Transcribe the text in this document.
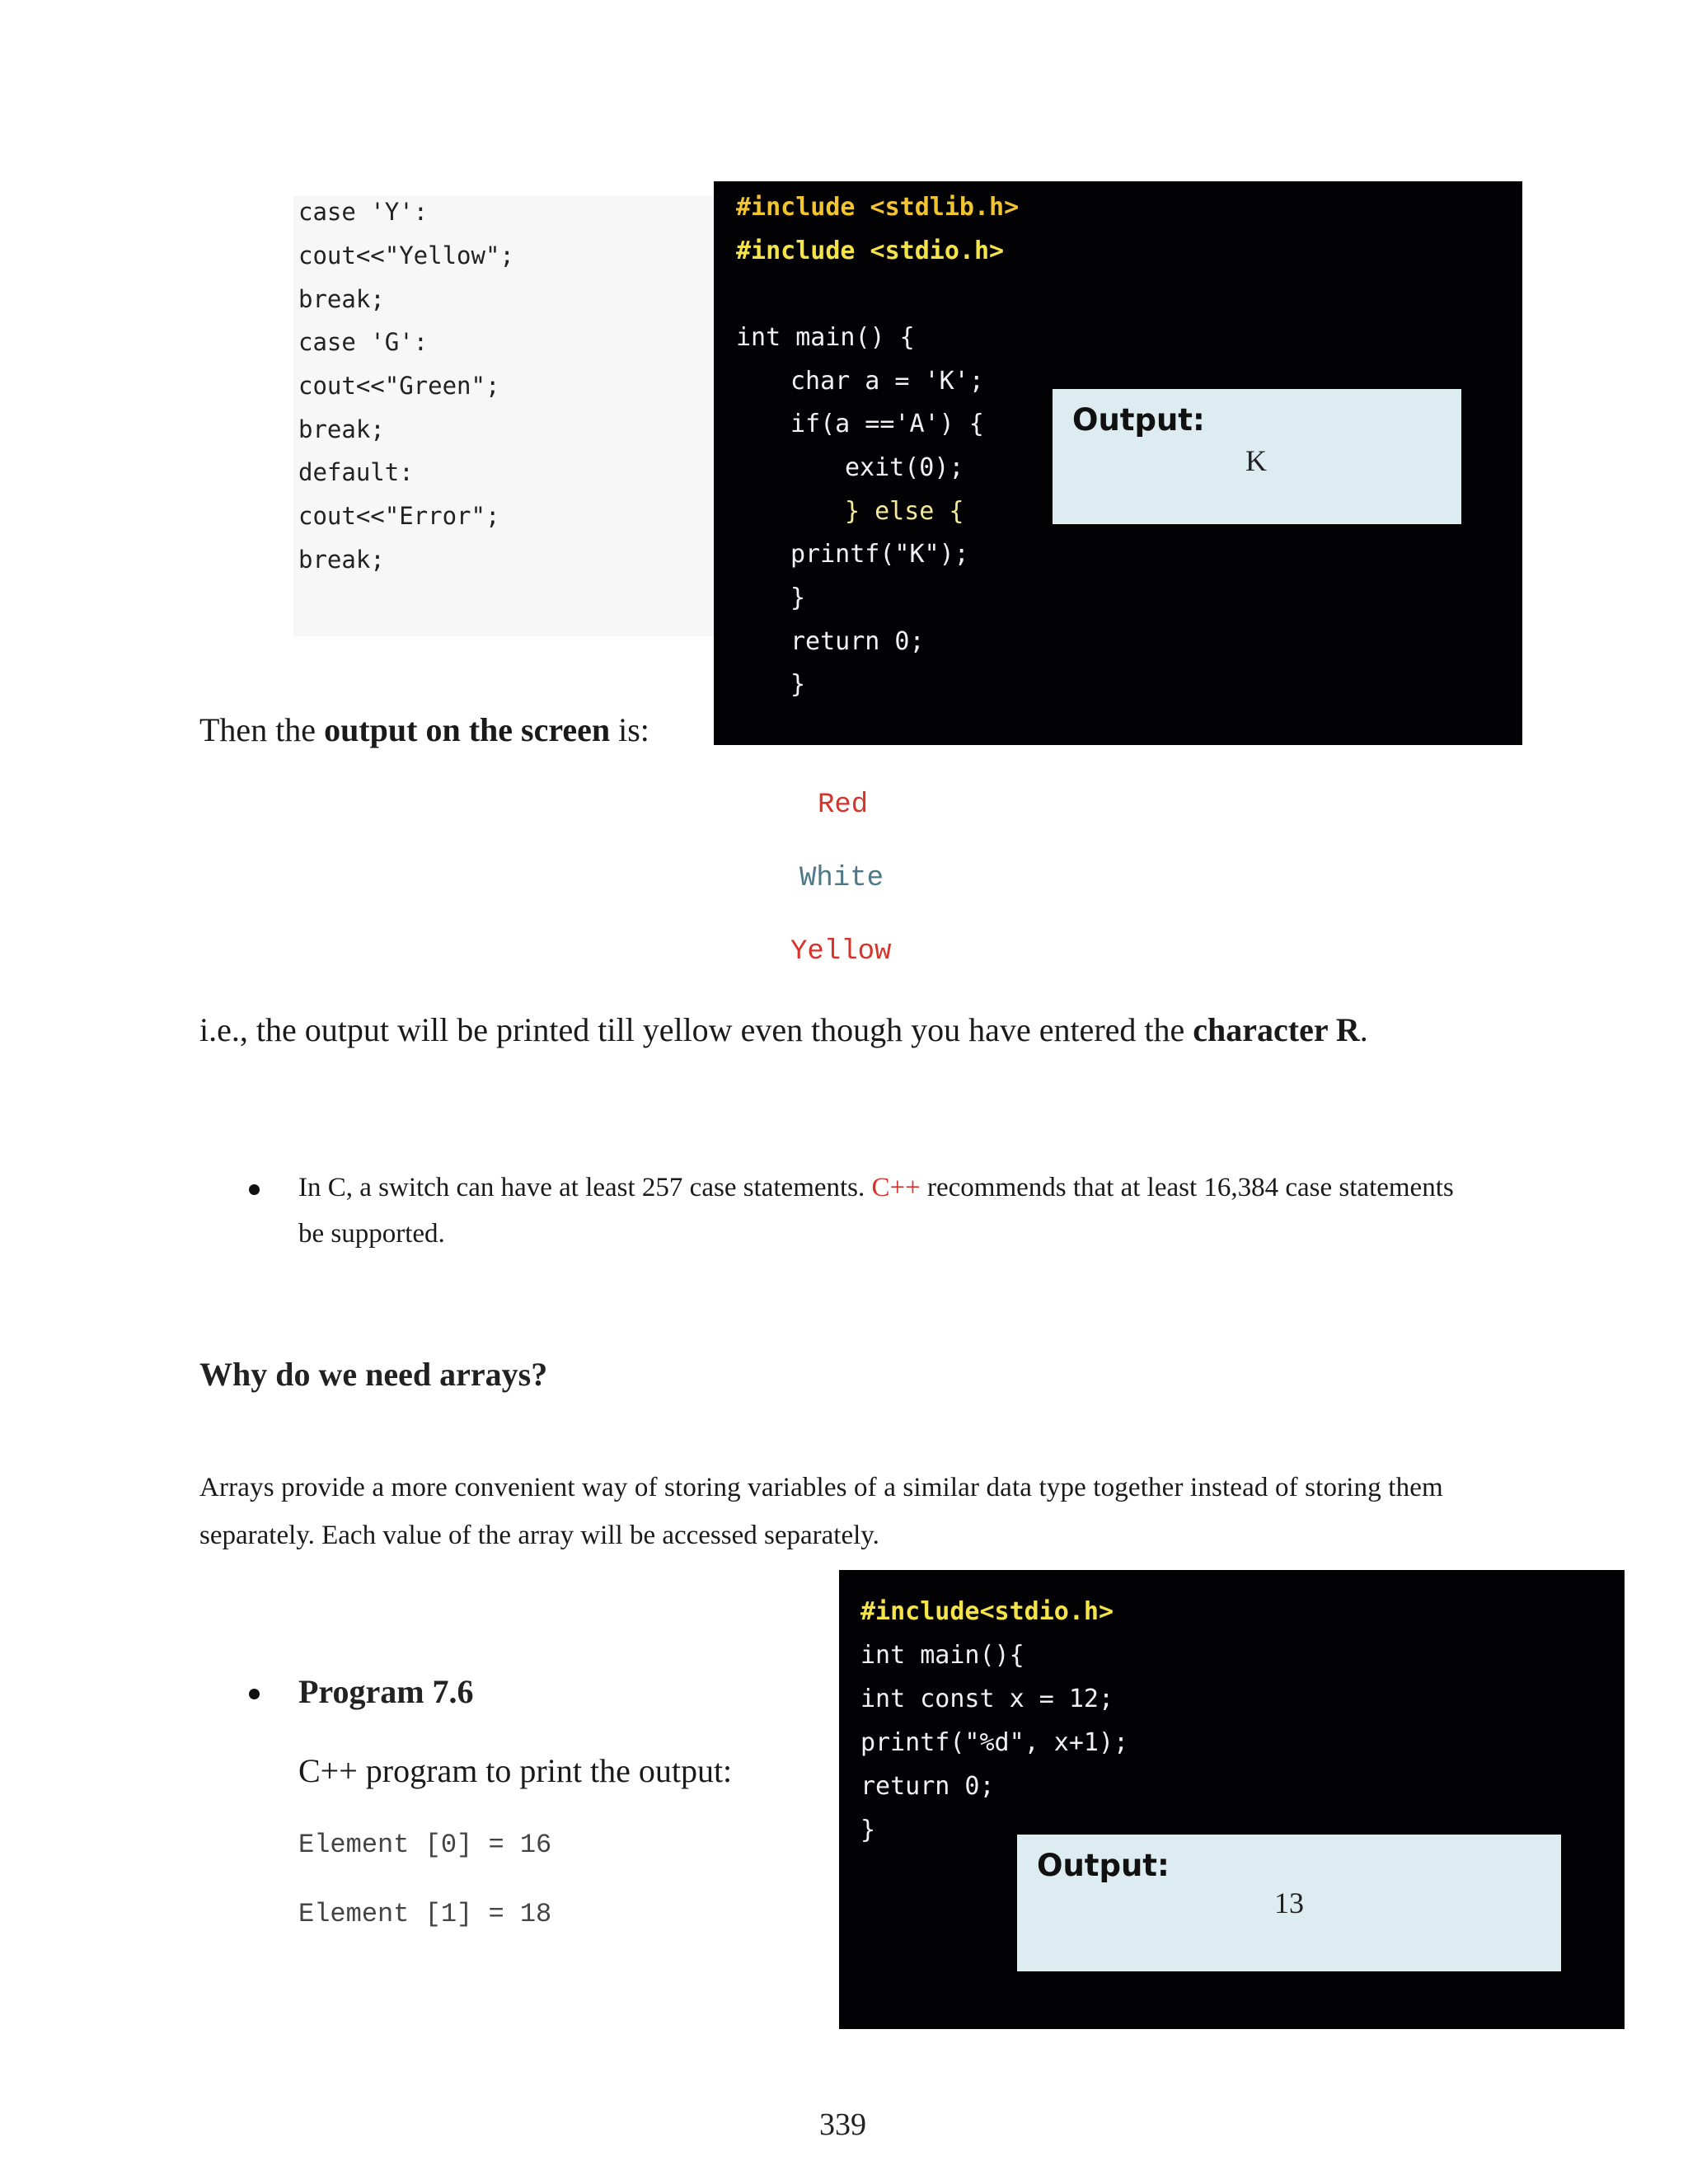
case 'Y':
cout<<"Yellow";
break;
case 'G':
cout<<"Green";
break;
default:
cout<<"Error";
break;
#include <stdlib.h>
#include <stdio.h>
int main() {
char a = 'K';
if(a =='A') {
exit(0);
} else {
printf("K");
}
return 0;
}
Output:
K
Then the output on the screen is:
Red
White
Yellow
i.e., the output will be printed till yellow even though you have entered the character R.
In C, a switch can have at least 257 case statements. C++ recommends that at least 16,384 case statements
be supported.
Why do we need arrays?
Arrays provide a more convenient way of storing variables of a similar data type together instead of storing them
separately. Each value of the array will be accessed separately.
Program 7.6
C++ program to print the output:
Element [0] = 16
Element [1] = 18
#include<stdio.h>
int main(){
int const x = 12;
printf("%d", x+1);
return 0;
}
Output:
13
339
